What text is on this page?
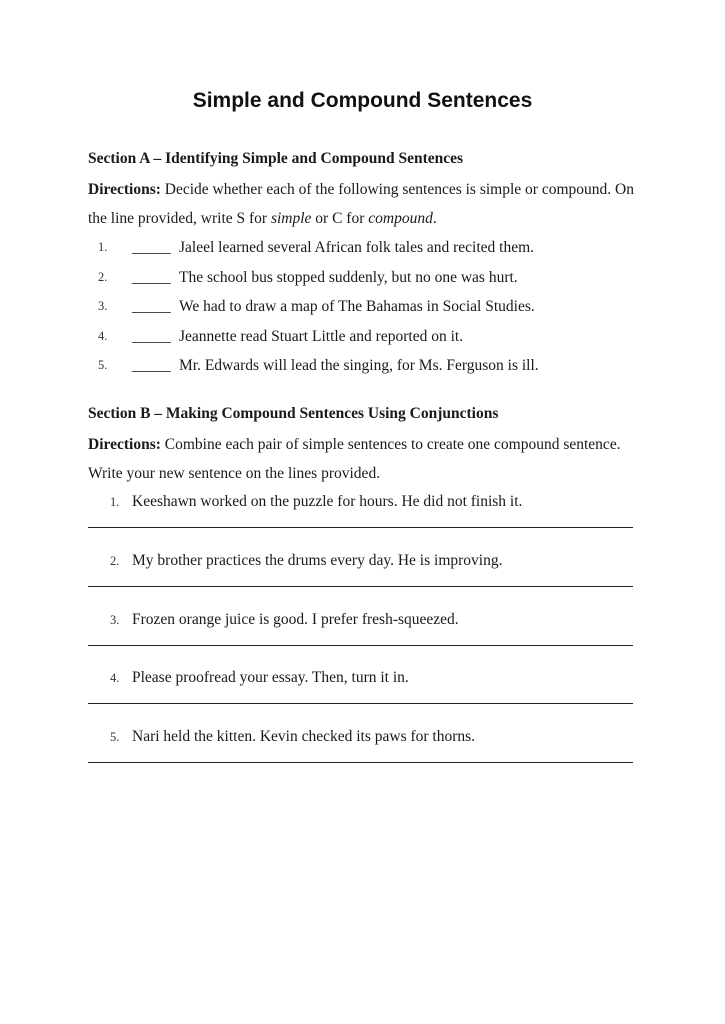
Simple and Compound Sentences
Section A – Identifying Simple and Compound Sentences

Directions: Decide whether each of the following sentences is simple or compound. On the line provided, write S for simple or C for compound.

1.	_____ Jaleel learned several African folk tales and recited them.
2.	_____ The school bus stopped suddenly, but no one was hurt.
3.	_____ We had to draw a map of The Bahamas in Social Studies.
4.	_____ Jeannette read Stuart Little and reported on it.
5.	_____ Mr. Edwards will lead the singing, for Ms. Ferguson is ill.
Section B – Making Compound Sentences Using Conjunctions

Directions: Combine each pair of simple sentences to create one compound sentence. Write your new sentence on the lines provided.

1. Keeshawn worked on the puzzle for hours. He did not finish it.
2. My brother practices the drums every day. He is improving.
3. Frozen orange juice is good. I prefer fresh-squeezed.
4. Please proofread your essay. Then, turn it in.
5. Nari held the kitten. Kevin checked its paws for thorns.
